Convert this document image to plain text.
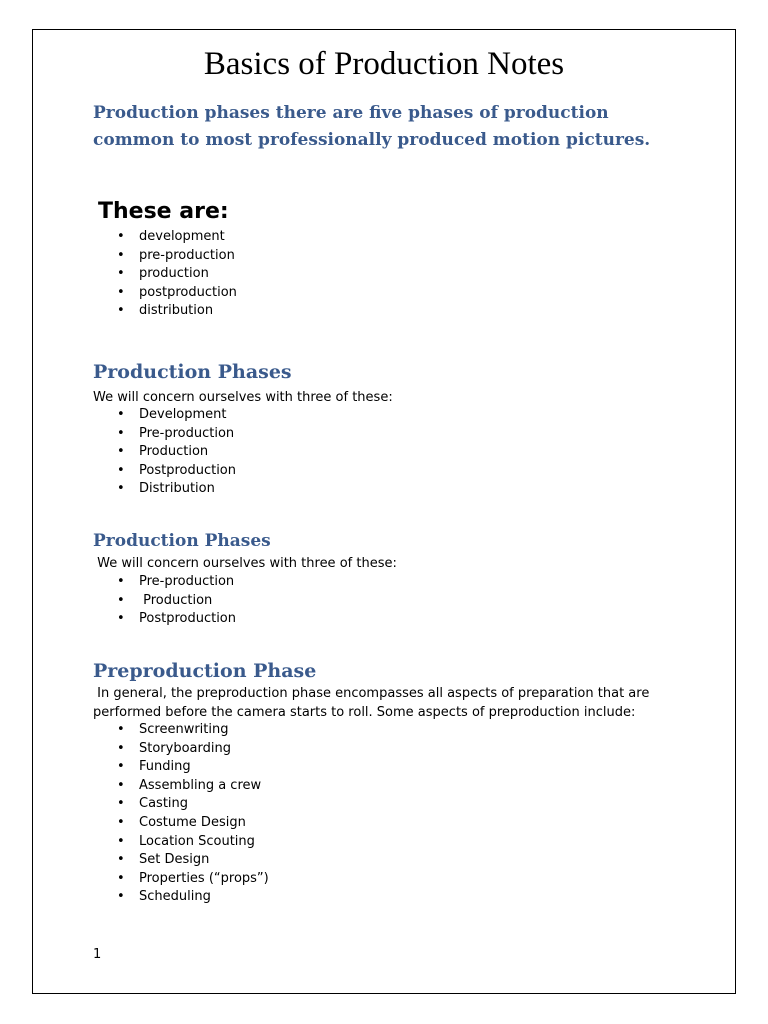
Basics of Production Notes
Production phases there are five phases of production common to most professionally produced motion pictures.
These are:
• development
• pre-production
• production
• postproduction
• distribution
Production Phases
We will concern ourselves with three of these:
• Development
• Pre-production
• Production
• Postproduction
• Distribution
Production Phases
We will concern ourselves with three of these:
• Pre-production
• Production
• Postproduction
Preproduction Phase
In general, the preproduction phase encompasses all aspects of preparation that are performed before the camera starts to roll. Some aspects of preproduction include:
• Screenwriting
• Storyboarding
• Funding
• Assembling a crew
• Casting
• Costume Design
• Location Scouting
• Set Design
• Properties (“props”)
• Scheduling
1
